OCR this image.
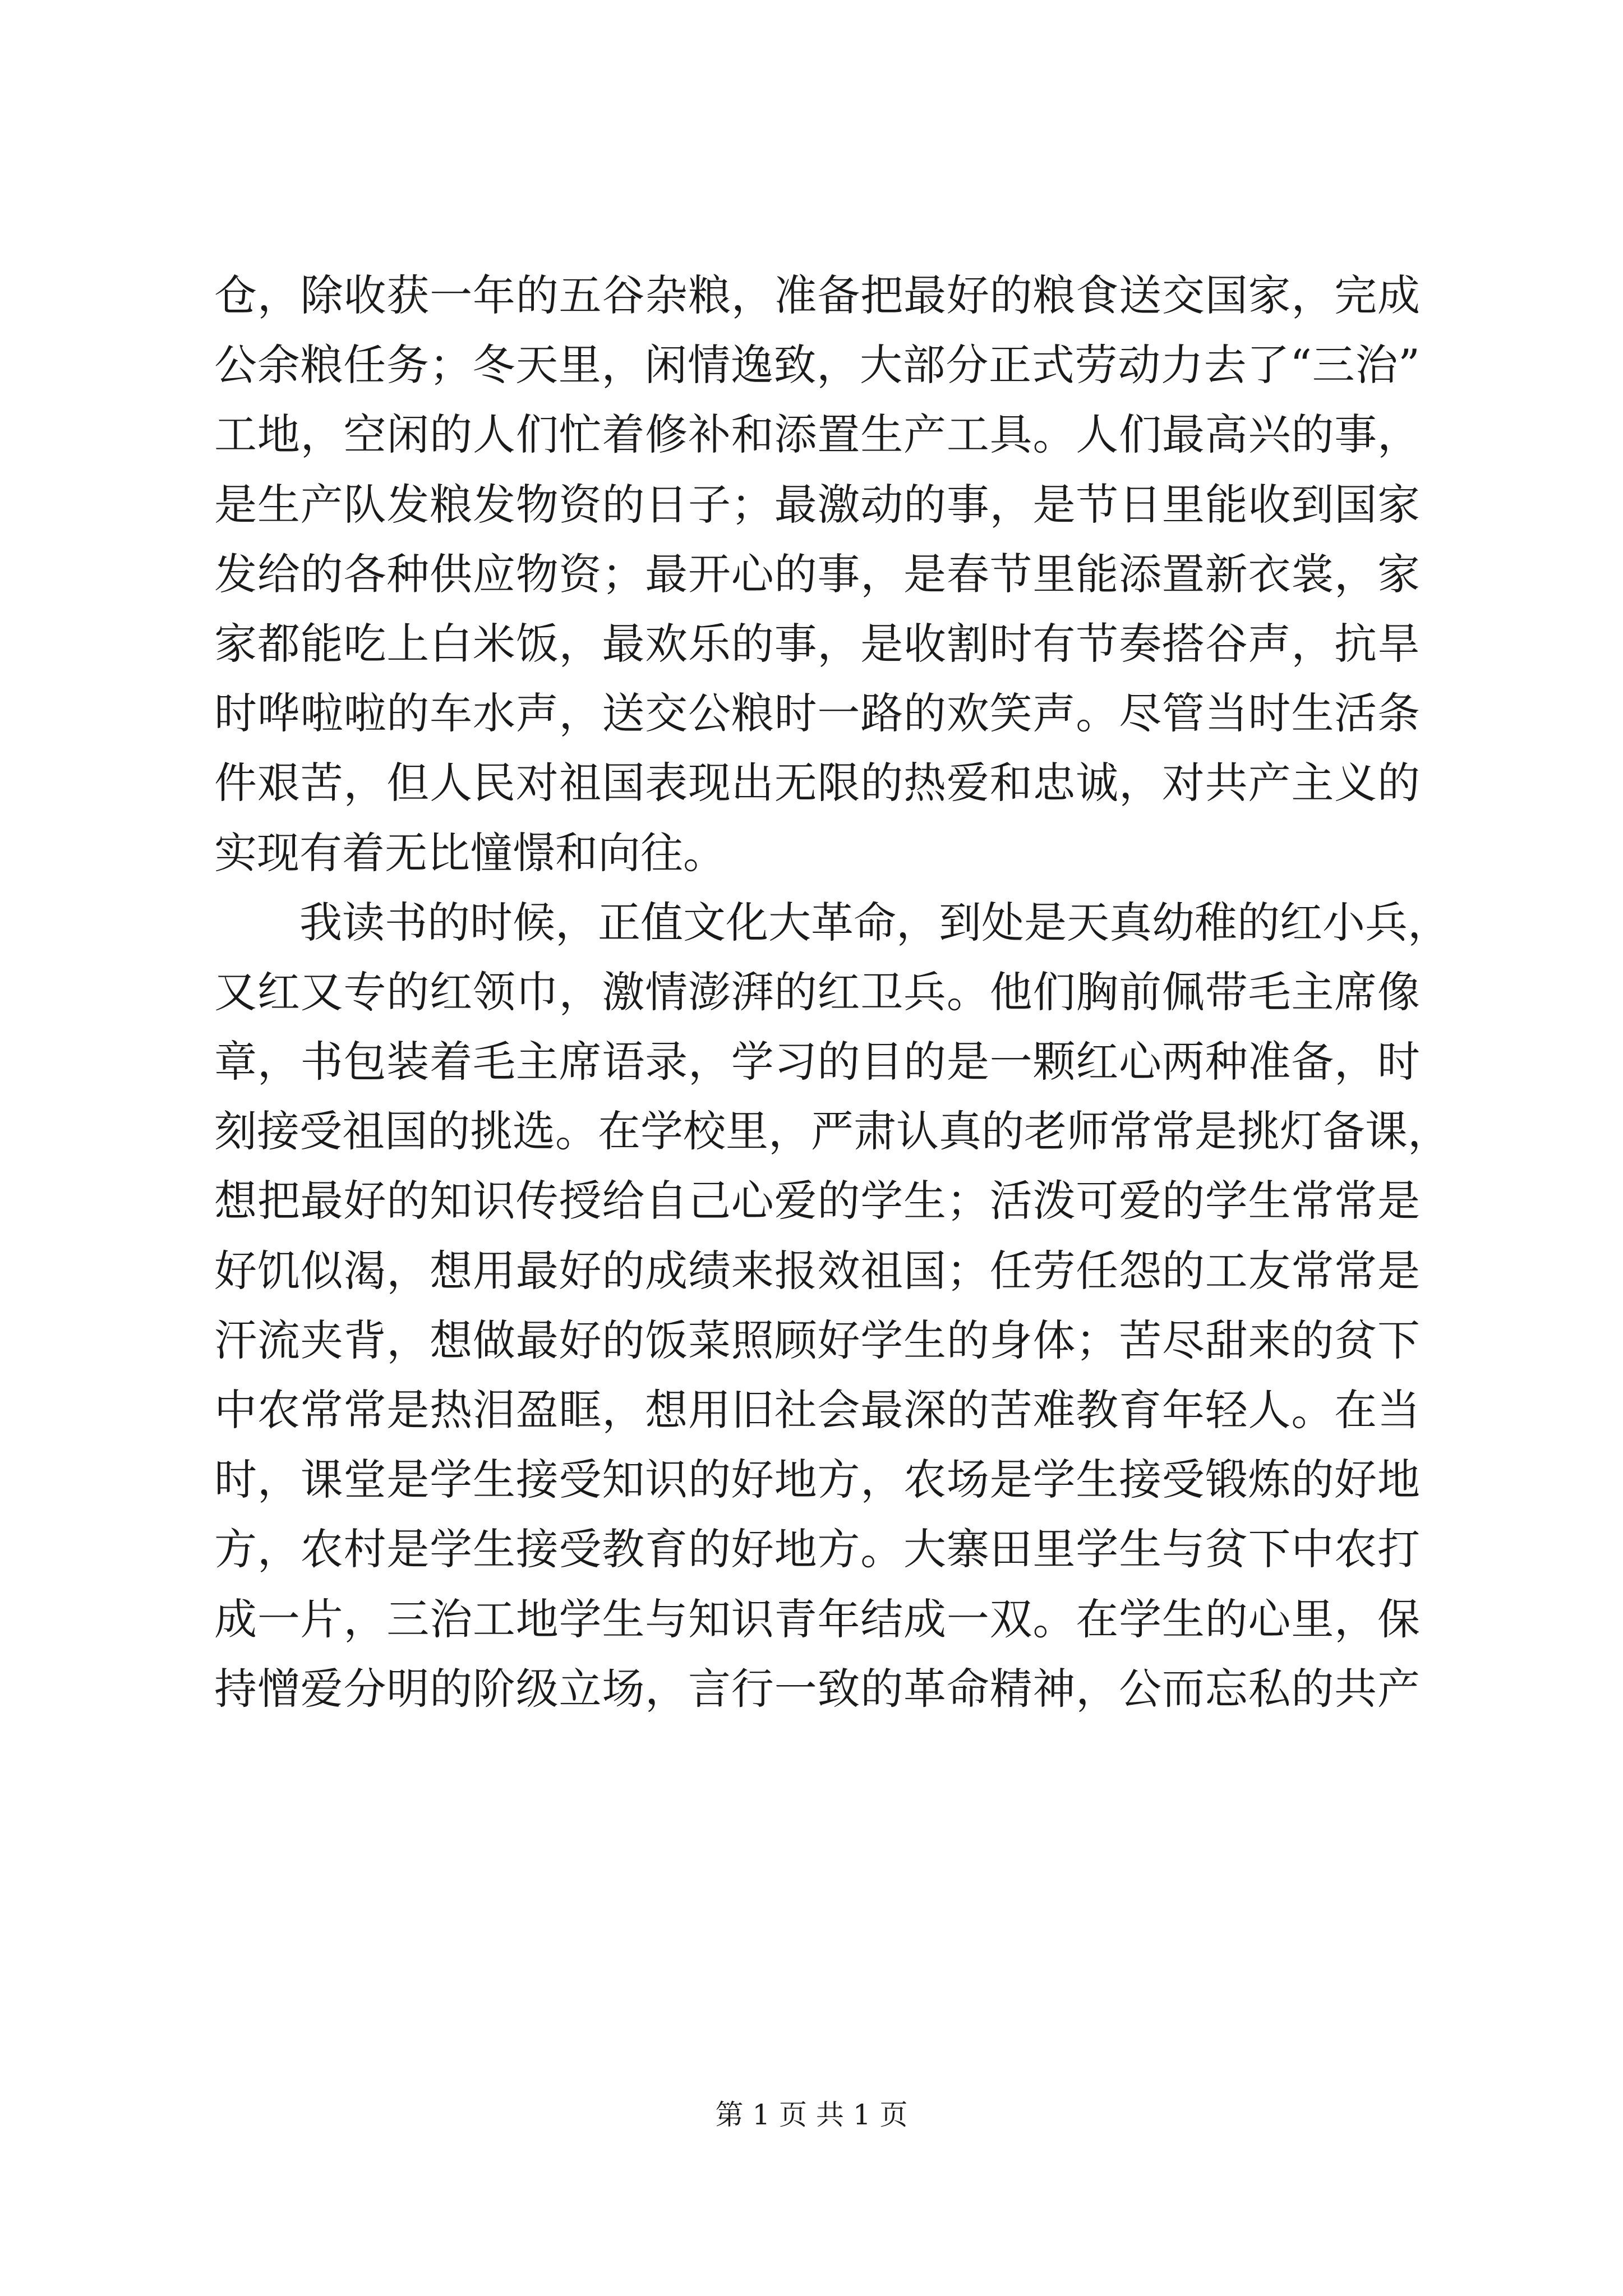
仓，除收获一年的五谷杂粮，准备把最好的粮食送交国家，完成
公余粮任务；冬天里，闲情逸致，大部分正式劳动力去了“三治”
工地，空闲的人们忙着修补和添置生产工具。人们最高兴的事，
是生产队发粮发物资的日子；最激动的事，是节日里能收到国家
发给的各种供应物资；最开心的事，是春节里能添置新衣裳，家
家都能吃上白米饭，最欢乐的事，是收割时有节奏搭谷声，抗旱
时哗啦啦的车水声，送交公粮时一路的欢笑声。尽管当时生活条
件艰苦，但人民对祖国表现出无限的热爱和忠诚，对共产主义的
实现有着无比憧憬和向往。
我读书的时候，正值文化大革命，到处是天真幼稚的红小兵，
又红又专的红领巾，激情澎湃的红卫兵。他们胸前佩带毛主席像
章，书包装着毛主席语录，学习的目的是一颗红心两种准备，时
刻接受祖国的挑选。在学校里，严肃认真的老师常常是挑灯备课，
想把最好的知识传授给自己心爱的学生；活泼可爱的学生常常是
好饥似渴，想用最好的成绩来报效祖国；任劳任怨的工友常常是
汗流夹背，想做最好的饭菜照顾好学生的身体；苦尽甜来的贫下
中农常常是热泪盈眶，想用旧社会最深的苦难教育年轻人。在当
时，课堂是学生接受知识的好地方，农场是学生接受锻炼的好地
方，农村是学生接受教育的好地方。大寨田里学生与贫下中农打
成一片，三治工地学生与知识青年结成一双。在学生的心里，保
持憎爱分明的阶级立场，言行一致的革命精神，公而忘私的共产
第 1 页 共 1 页
